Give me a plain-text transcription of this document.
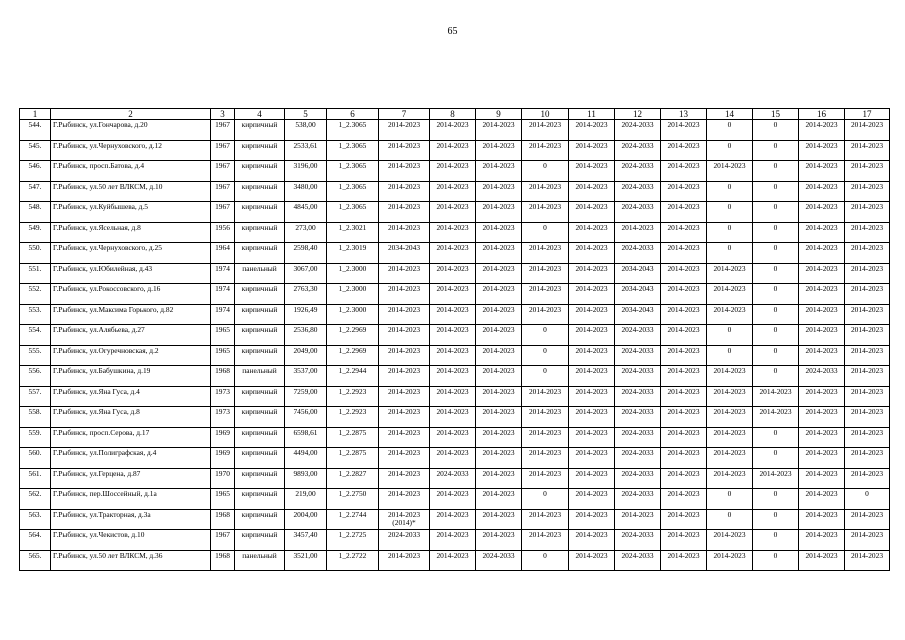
65
1	2	3	4	5	6	7	8	9	10	11	12	13	14	15	16	17
544.	Г.Рыбинск, ул.Гончарова, д.20	1967	кирпичный	538,00	1_2.3065	2014-2023	2014-2023	2014-2023	2014-2023	2014-2023	2024-2033	2014-2023	0	0	2014-2023	2014-2023
545.	Г.Рыбинск, ул.Чернуховского, д.12	1967	кирпичный	2533,61	1_2.3065	2014-2023	2014-2023	2014-2023	2014-2023	2014-2023	2024-2033	2014-2023	0	0	2014-2023	2014-2023
546.	Г.Рыбинск, просп.Батова, д.4	1967	кирпичный	3196,00	1_2.3065	2014-2023	2014-2023	2014-2023	0	2014-2023	2024-2033	2014-2023	2014-2023	0	2014-2023	2014-2023
547.	Г.Рыбинск, ул.50 лет ВЛКСМ, д.10	1967	кирпичный	3480,00	1_2.3065	2014-2023	2014-2023	2014-2023	2014-2023	2014-2023	2024-2033	2014-2023	0	0	2014-2023	2014-2023
548.	Г.Рыбинск, ул.Куйбышева, д.5	1967	кирпичный	4845,00	1_2.3065	2014-2023	2014-2023	2014-2023	2014-2023	2014-2023	2024-2033	2014-2023	0	0	2014-2023	2014-2023
549.	Г.Рыбинск, ул.Ясельная, д.8	1956	кирпичный	273,00	1_2.3021	2014-2023	2014-2023	2014-2023	0	2014-2023	2014-2023	2014-2023	0	0	2014-2023	2014-2023
550.	Г.Рыбинск, ул.Чернуховского, д.25	1964	кирпичный	2598,40	1_2.3019	2034-2043	2014-2023	2014-2023	2014-2023	2014-2023	2024-2033	2014-2023	0	0	2014-2023	2014-2023
551.	Г.Рыбинск, ул.Юбилейная, д.43	1974	панельный	3067,00	1_2.3000	2014-2023	2014-2023	2014-2023	2014-2023	2014-2023	2034-2043	2014-2023	2014-2023	0	2014-2023	2014-2023
552.	Г.Рыбинск, ул.Рокоссовского, д.16	1974	кирпичный	2763,30	1_2.3000	2014-2023	2014-2023	2014-2023	2014-2023	2014-2023	2034-2043	2014-2023	2014-2023	0	2014-2023	2014-2023
553.	Г.Рыбинск, ул.Максима Горького, д.82	1974	кирпичный	1926,49	1_2.3000	2014-2023	2014-2023	2014-2023	2014-2023	2014-2023	2034-2043	2014-2023	2014-2023	0	2014-2023	2014-2023
554.	Г.Рыбинск, ул.Алябьева, д.27	1965	кирпичный	2536,80	1_2.2969	2014-2023	2014-2023	2014-2023	0	2014-2023	2024-2033	2014-2023	0	0	2014-2023	2014-2023
555.	Г.Рыбинск, ул.Огуречновская, д.2	1965	кирпичный	2049,00	1_2.2969	2014-2023	2014-2023	2014-2023	0	2014-2023	2024-2033	2014-2023	0	0	2014-2023	2014-2023
556.	Г.Рыбинск, ул.Бабушкина, д.19	1968	панельный	3537,00	1_2.2944	2014-2023	2014-2023	2014-2023	0	2014-2023	2024-2033	2014-2023	2014-2023	0	2024-2033	2014-2023
557.	Г.Рыбинск, ул.Яна Гуса, д.4	1973	кирпичный	7259,00	1_2.2923	2014-2023	2014-2023	2014-2023	2014-2023	2014-2023	2024-2033	2014-2023	2014-2023	2014-2023	2014-2023	2014-2023
558.	Г.Рыбинск, ул.Яна Гуса, д.8	1973	кирпичный	7456,00	1_2.2923	2014-2023	2014-2023	2014-2023	2014-2023	2014-2023	2024-2033	2014-2023	2014-2023	2014-2023	2014-2023	2014-2023
559.	Г.Рыбинск, просп.Серова, д.17	1969	кирпичный	6598,61	1_2.2875	2014-2023	2014-2023	2014-2023	2014-2023	2014-2023	2024-2033	2014-2023	2014-2023	0	2014-2023	2014-2023
560.	Г.Рыбинск, ул.Полиграфская, д.4	1969	кирпичный	4494,00	1_2.2875	2014-2023	2014-2023	2014-2023	2014-2023	2014-2023	2024-2033	2014-2023	2014-2023	0	2014-2023	2014-2023
561.	Г.Рыбинск, ул.Герцена, д.87	1970	кирпичный	9893,00	1_2.2827	2014-2023	2024-2033	2014-2023	2014-2023	2014-2023	2024-2033	2014-2023	2014-2023	2014-2023	2014-2023	2014-2023
562.	Г.Рыбинск, пер.Шоссейный, д.1а	1965	кирпичный	219,00	1_2.2750	2014-2023	2014-2023	2014-2023	0	2014-2023	2024-2033	2014-2023	0	0	2014-2023	0
563.	Г.Рыбинск, ул.Тракторная, д.3а	1968	кирпичный	2004,00	1_2.2744	2014-2023 (2014)*	2014-2023	2014-2023	2014-2023	2014-2023	2014-2023	2014-2023	0	0	2014-2023	2014-2023
564.	Г.Рыбинск, ул.Чекистов, д.10	1967	кирпичный	3457,40	1_2.2725	2024-2033	2014-2023	2014-2023	2014-2023	2014-2023	2024-2033	2014-2023	2014-2023	0	2014-2023	2014-2023
565.	Г.Рыбинск, ул.50 лет ВЛКСМ, д.36	1968	панельный	3521,00	1_2.2722	2014-2023	2014-2023	2024-2033	0	2014-2023	2024-2033	2014-2023	2014-2023	0	2014-2023	2014-2023
